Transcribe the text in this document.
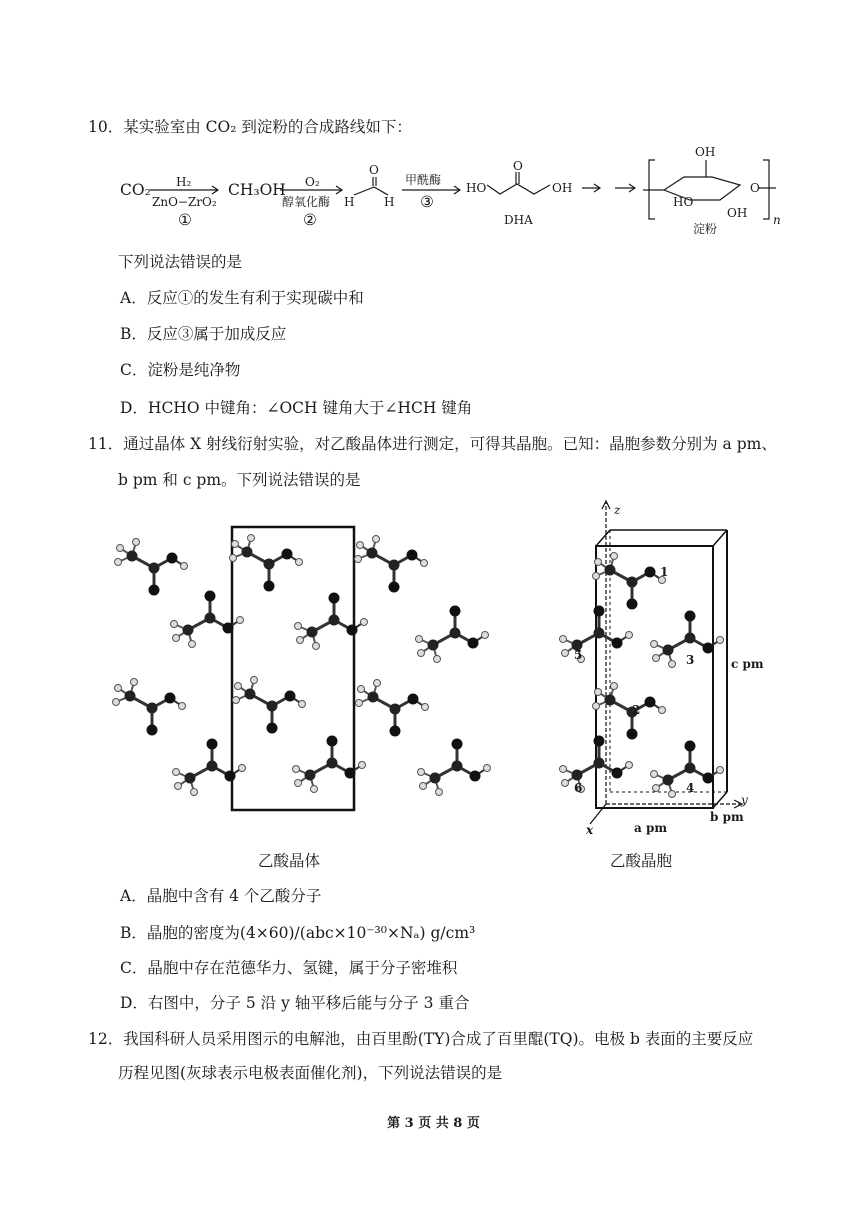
10．某实验室由 CO₂ 到淀粉的合成路线如下：
CO₂ H₂
ZnO−ZrO₂
①
CH₃OH O₂
醇氧化酶
②
O
H H
甲酰酶
③
O
HO	OH
DHA
OH
O
HO
OH n
淀粉
下列说法错误的是
A．反应①的发生有利于实现碳中和
B．反应③属于加成反应
C．淀粉是纯净物
D．HCHO 中键角：∠OCH 键角大于∠HCH 键角
11．通过晶体 X 射线衍射实验，对乙酸晶体进行测定，可得其晶胞。已知：晶胞参数分别为 a pm、
b pm 和 c pm。下列说法错误的是
z
y
x	a pm
b pm
c pm
1
2
3
4
5
6
乙酸晶体	乙酸晶胞
A．晶胞中含有 4 个乙酸分子
B．晶胞的密度为(4×60)/(abc×10⁻³⁰×Nₐ) g/cm³
C．晶胞中存在范德华力、氢键，属于分子密堆积
D．右图中，分子 5 沿 y 轴平移后能与分子 3 重合
12．我国科研人员采用图示的电解池，由百里酚(TY)合成了百里醌(TQ)。电极 b 表面的主要反应
历程见图(灰球表示电极表面催化剂)，下列说法错误的是
第 3 页 共 8 页
